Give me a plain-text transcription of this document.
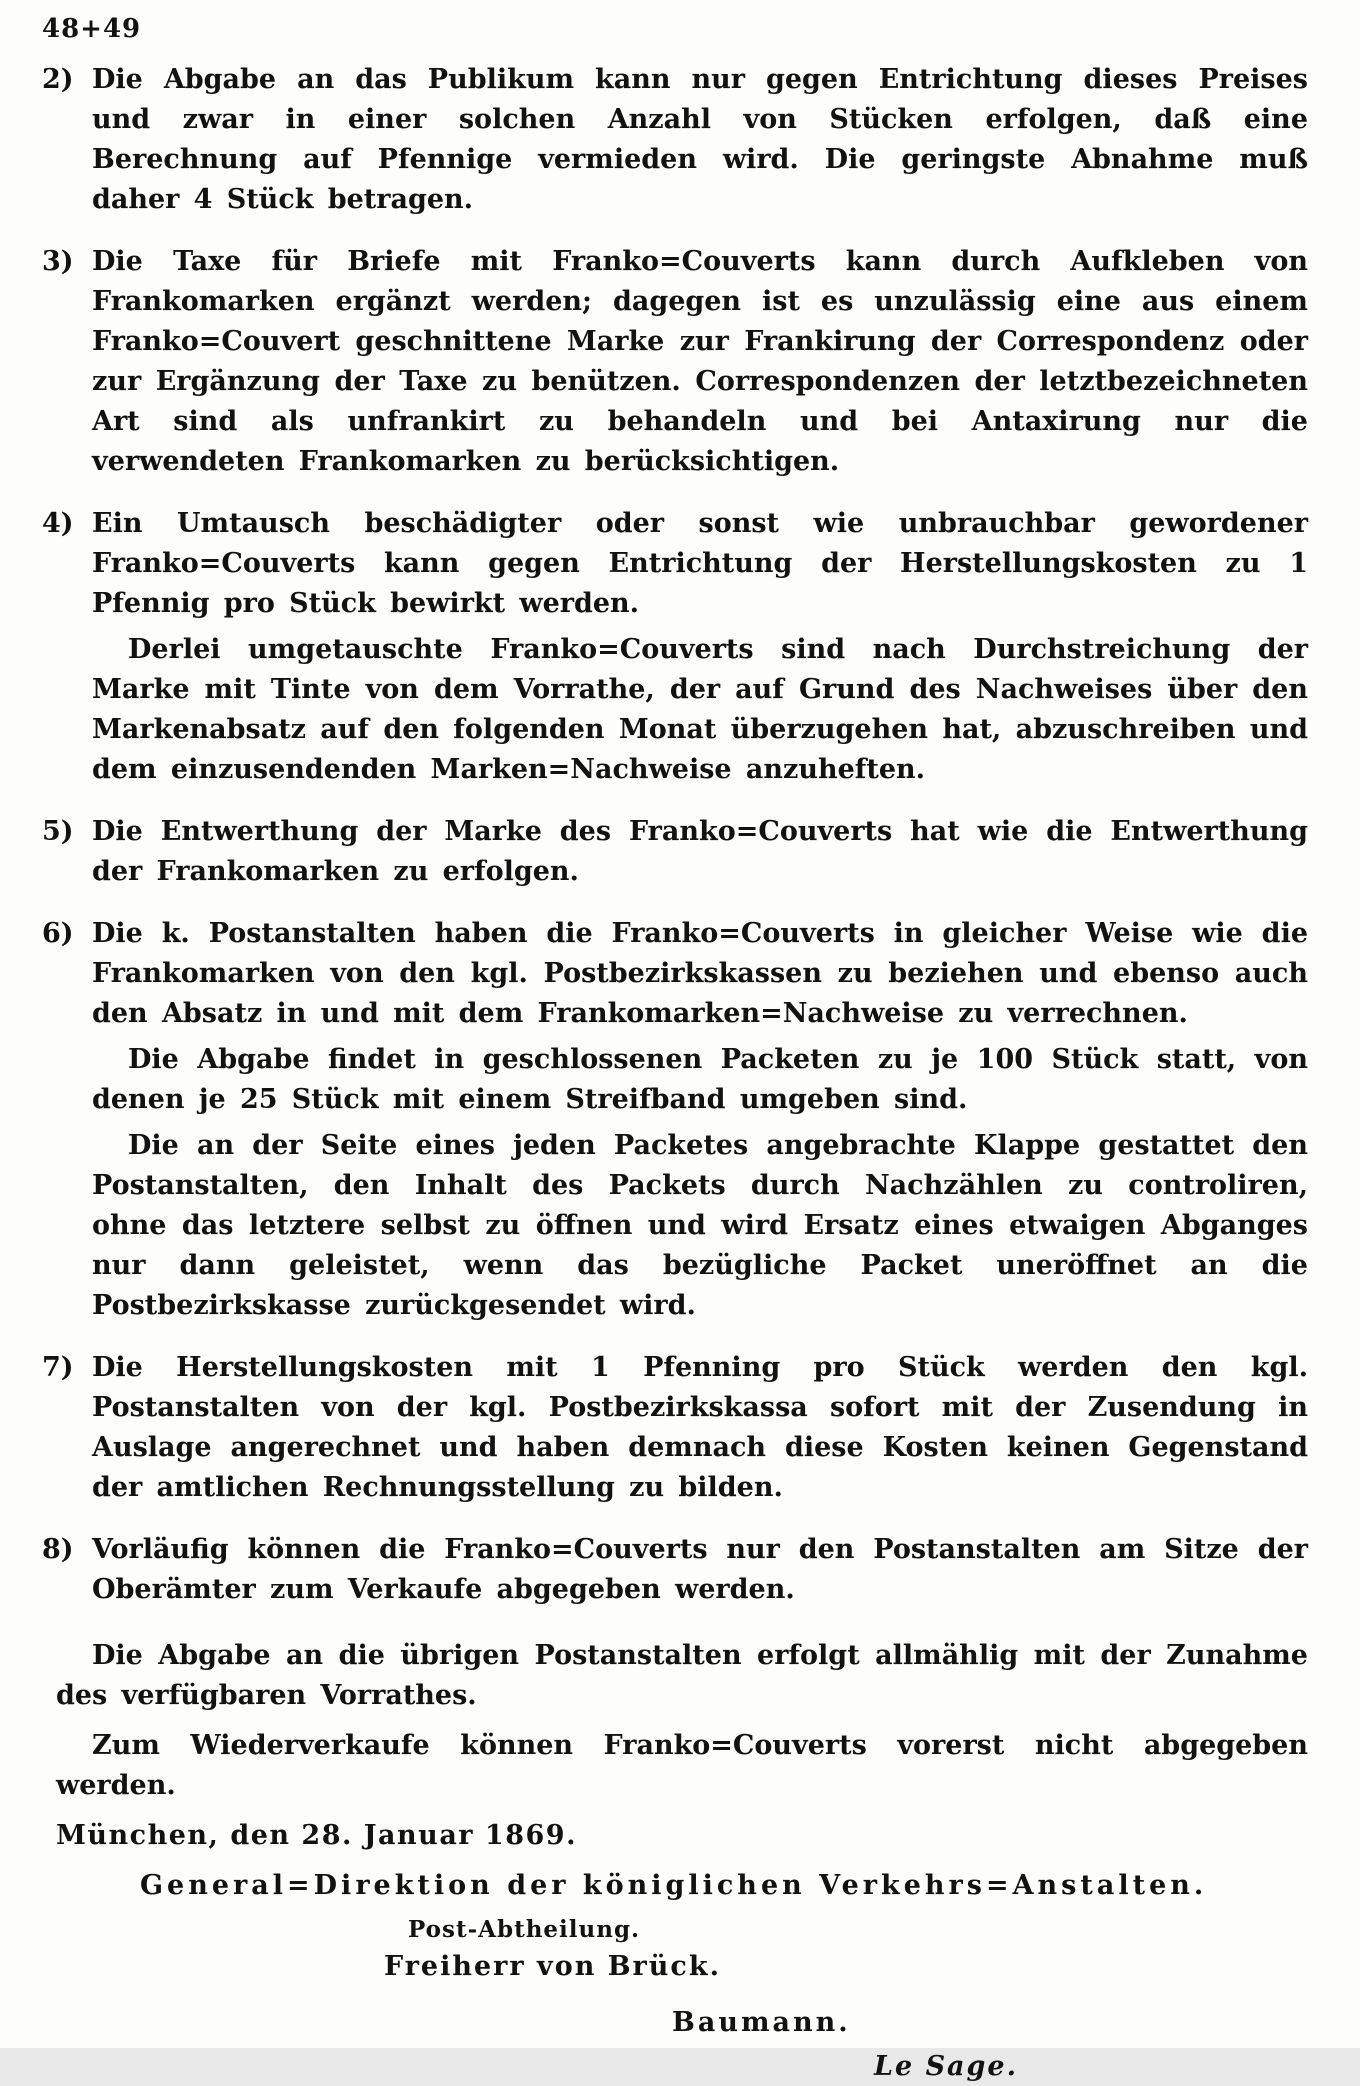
48+49
2) Die Abgabe an das Publikum kann nur gegen Entrichtung dieses Preises und zwar in einer solchen Anzahl von Stücken erfolgen, daß eine Berechnung auf Pfennige vermieden wird. Die geringste Abnahme muß daher 4 Stück betragen.

3) Die Taxe für Briefe mit Franko=Couverts kann durch Aufkleben von Frankomarken ergänzt werden; dagegen ist es unzulässig eine aus einem Franko=Couvert geschnittene Marke zur Frankirung der Correspondenz oder zur Ergänzung der Taxe zu benützen. Correspondenzen der letztbezeichneten Art sind als unfrankirt zu behandeln und bei Antaxirung nur die verwendeten Frankomarken zu berücksichtigen.

4) Ein Umtausch beschädigter oder sonst wie unbrauchbar gewordener Franko=Couverts kann gegen Entrichtung der Herstellungskosten zu 1 Pfennig pro Stück bewirkt werden.

Derlei umgetauschte Franko=Couverts sind nach Durchstreichung der Marke mit Tinte von dem Vorrathe, der auf Grund des Nachweises über den Markenabsatz auf den folgenden Monat überzugehen hat, abzuschreiben und dem einzusendenden Marken=Nachweise anzuheften.

5) Die Entwerthung der Marke des Franko=Couverts hat wie die Entwerthung der Frankomarken zu erfolgen.

6) Die k. Postanstalten haben die Franko=Couverts in gleicher Weise wie die Frankomarken von den kgl. Postbezirkskassen zu beziehen und ebenso auch den Absatz in und mit dem Frankomarken=Nachweise zu verrechnen.

Die Abgabe findet in geschlossenen Packeten zu je 100 Stück statt, von denen je 25 Stück mit einem Streifband umgeben sind.

Die an der Seite eines jeden Packetes angebrachte Klappe gestattet den Postanstalten, den Inhalt des Packets durch Nachzählen zu controliren, ohne das letztere selbst zu öffnen und wird Ersatz eines etwaigen Abganges nur dann geleistet, wenn das bezügliche Packet uneröffnet an die Postbezirkskasse zurückgesendet wird.

7) Die Herstellungskosten mit 1 Pfenning pro Stück werden den kgl. Postanstalten von der kgl. Postbezirkskassa sofort mit der Zusendung in Auslage angerechnet und haben demnach diese Kosten keinen Gegenstand der amtlichen Rechnungsstellung zu bilden.

8) Vorläufig können die Franko=Couverts nur den Postanstalten am Sitze der Oberämter zum Verkaufe abgegeben werden.

Die Abgabe an die übrigen Postanstalten erfolgt allmählig mit der Zunahme des verfügbaren Vorrathes.

Zum Wiederverkaufe können Franko=Couverts vorerst nicht abgegeben werden.

München, den 28. Januar 1869.

General=Direktion der königlichen Verkehrs=Anstalten.

Post-Abtheilung.

Freiherr von Brück.

Baumann.

Le Sage.
